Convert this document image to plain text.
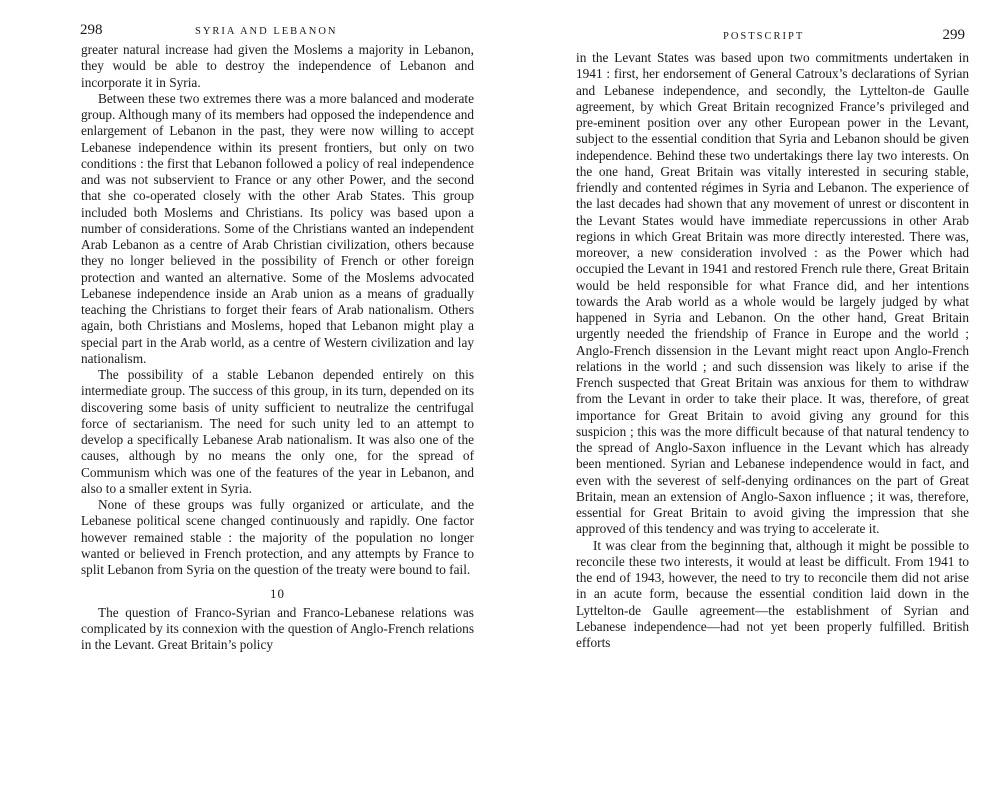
298	SYRIA AND LEBANON

greater natural increase had given the Moslems a majority in Lebanon, they would be able to destroy the independence of Lebanon and incorporate it in Syria.

Between these two extremes there was a more balanced and moderate group. Although many of its members had opposed the independence and enlargement of Lebanon in the past, they were now willing to accept Lebanese independence within its present frontiers, but only on two conditions : the first that Lebanon followed a policy of real independence and was not subservient to France or any other Power, and the second that she co-operated closely with the other Arab States. This group included both Moslems and Christians. Its policy was based upon a number of considerations. Some of the Christians wanted an independent Arab Lebanon as a centre of Arab Christian civilization, others because they no longer believed in the possibility of French or other foreign protection and wanted an alternative. Some of the Moslems advocated Lebanese independence inside an Arab union as a means of gradually teaching the Christians to forget their fears of Arab nationalism. Others again, both Christians and Moslems, hoped that Lebanon might play a special part in the Arab world, as a centre of Western civilization and lay nationalism.

The possibility of a stable Lebanon depended entirely on this intermediate group. The success of this group, in its turn, depended on its discovering some basis of unity sufficient to neutralize the centrifugal force of sectarianism. The need for such unity led to an attempt to develop a specifically Lebanese Arab nationalism. It was also one of the causes, although by no means the only one, for the spread of Communism which was one of the features of the year in Lebanon, and also to a smaller extent in Syria.

None of these groups was fully organized or articulate, and the Lebanese political scene changed continuously and rapidly. One factor however remained stable : the majority of the population no longer wanted or believed in French protection, and any attempts by France to split Lebanon from Syria on the question of the treaty were bound to fail.

10

The question of Franco-Syrian and Franco-Lebanese relations was complicated by its connexion with the question of Anglo-French relations in the Levant. Great Britain’s policy

POSTSCRIPT	299

in the Levant States was based upon two commitments undertaken in 1941 : first, her endorsement of General Catroux’s declarations of Syrian and Lebanese independence, and secondly, the Lyttelton-de Gaulle agreement, by which Great Britain recognized France’s privileged and pre-eminent position over any other European power in the Levant, subject to the essential condition that Syria and Lebanon should be given independence. Behind these two undertakings there lay two interests. On the one hand, Great Britain was vitally interested in securing stable, friendly and contented régimes in Syria and Lebanon. The experience of the last decades had shown that any movement of unrest or discontent in the Levant States would have immediate repercussions in other Arab regions in which Great Britain was more directly interested. There was, moreover, a new consideration involved : as the Power which had occupied the Levant in 1941 and restored French rule there, Great Britain would be held responsible for what France did, and her intentions towards the Arab world as a whole would be largely judged by what happened in Syria and Lebanon. On the other hand, Great Britain urgently needed the friendship of France in Europe and the world ; Anglo-French dissension in the Levant might react upon Anglo-French relations in the world ; and such dissension was likely to arise if the French suspected that Great Britain was anxious for them to withdraw from the Levant in order to take their place. It was, therefore, of great importance for Great Britain to avoid giving any ground for this suspicion ; this was the more difficult because of that natural tendency to the spread of Anglo-Saxon influence in the Levant which has already been mentioned. Syrian and Lebanese independence would in fact, and even with the severest of self-denying ordinances on the part of Great Britain, mean an extension of Anglo-Saxon influence ; it was, therefore, essential for Great Britain to avoid giving the impression that she approved of this tendency and was trying to accelerate it.

It was clear from the beginning that, although it might be possible to reconcile these two interests, it would at least be difficult. From 1941 to the end of 1943, however, the need to try to reconcile them did not arise in an acute form, because the essential condition laid down in the Lyttelton-de Gaulle agreement—the establishment of Syrian and Lebanese independence—had not yet been properly fulfilled. British efforts
